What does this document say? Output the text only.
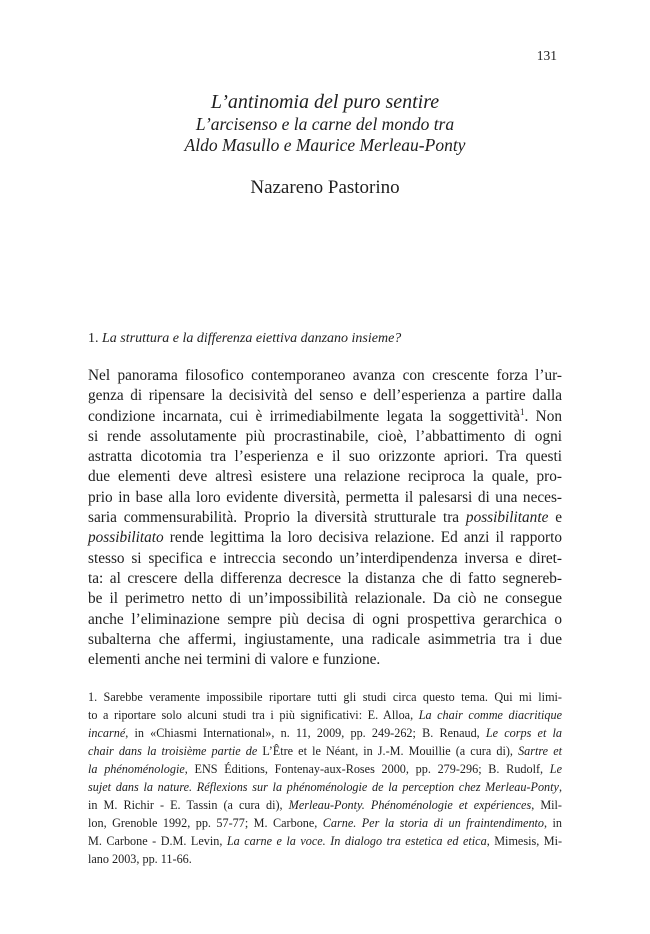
131

L’antinomia del puro sentire

L’arcisenso e la carne del mondo tra

Aldo Masullo e Maurice Merleau-Ponty

Nazareno Pastorino

1. La struttura e la differenza eiettiva danzano insieme?

Nel panorama filosofico contemporaneo avanza con crescente forza l’ur-
genza di ripensare la decisività del senso e dell’esperienza a partire dalla
condizione incarnata, cui è irrimediabilmente legata la soggettività$^1$. Non
si rende assolutamente più procrastinabile, cioè, l’abbattimento di ogni
astratta dicotomia tra l’esperienza e il suo orizzonte apriori. Tra questi
due elementi deve altresì esistere una relazione reciproca la quale, pro-
prio in base alla loro evidente diversità, permetta il palesarsi di una neces-
saria commensurabilità. Proprio la diversità strutturale tra possibilitante e
possibilitato rende legittima la loro decisiva relazione. Ed anzi il rapporto
stesso si specifica e intreccia secondo un’interdipendenza inversa e diret-
ta: al crescere della differenza decresce la distanza che di fatto segnereb-
be il perimetro netto di un’impossibilità relazionale. Da ciò ne consegue
anche l’eliminazione sempre più decisa di ogni prospettiva gerarchica o
subalterna che affermi, ingiustamente, una radicale asimmetria tra i due
elementi anche nei termini di valore e funzione.
1. Sarebbe veramente impossibile riportare tutti gli studi circa questo tema. Qui mi limi-
to a riportare solo alcuni studi tra i più significativi: E. Alloa, La chair comme diacritique
incarné, in «Chiasmi International», n. 11, 2009, pp. 249-262; B. Renaud, Le corps et la
chair dans la troisième partie de L’Être et le Néant, in J.-M. Mouillie (a cura di), Sartre et
la phénoménologie, ENS Éditions, Fontenay-aux-Roses 2000, pp. 279-296; B. Rudolf, Le
sujet dans la nature. Réflexions sur la phénoménologie de la perception chez Merleau-Ponty,
in M. Richir - E. Tassin (a cura di), Merleau-Ponty. Phénoménologie et expériences, Mil-
lon, Grenoble 1992, pp. 57-77; M. Carbone, Carne. Per la storia di un fraintendimento, in
M. Carbone - D.M. Levin, La carne e la voce. In dialogo tra estetica ed etica, Mimesis, Mi-
lano 2003, pp. 11-66.
